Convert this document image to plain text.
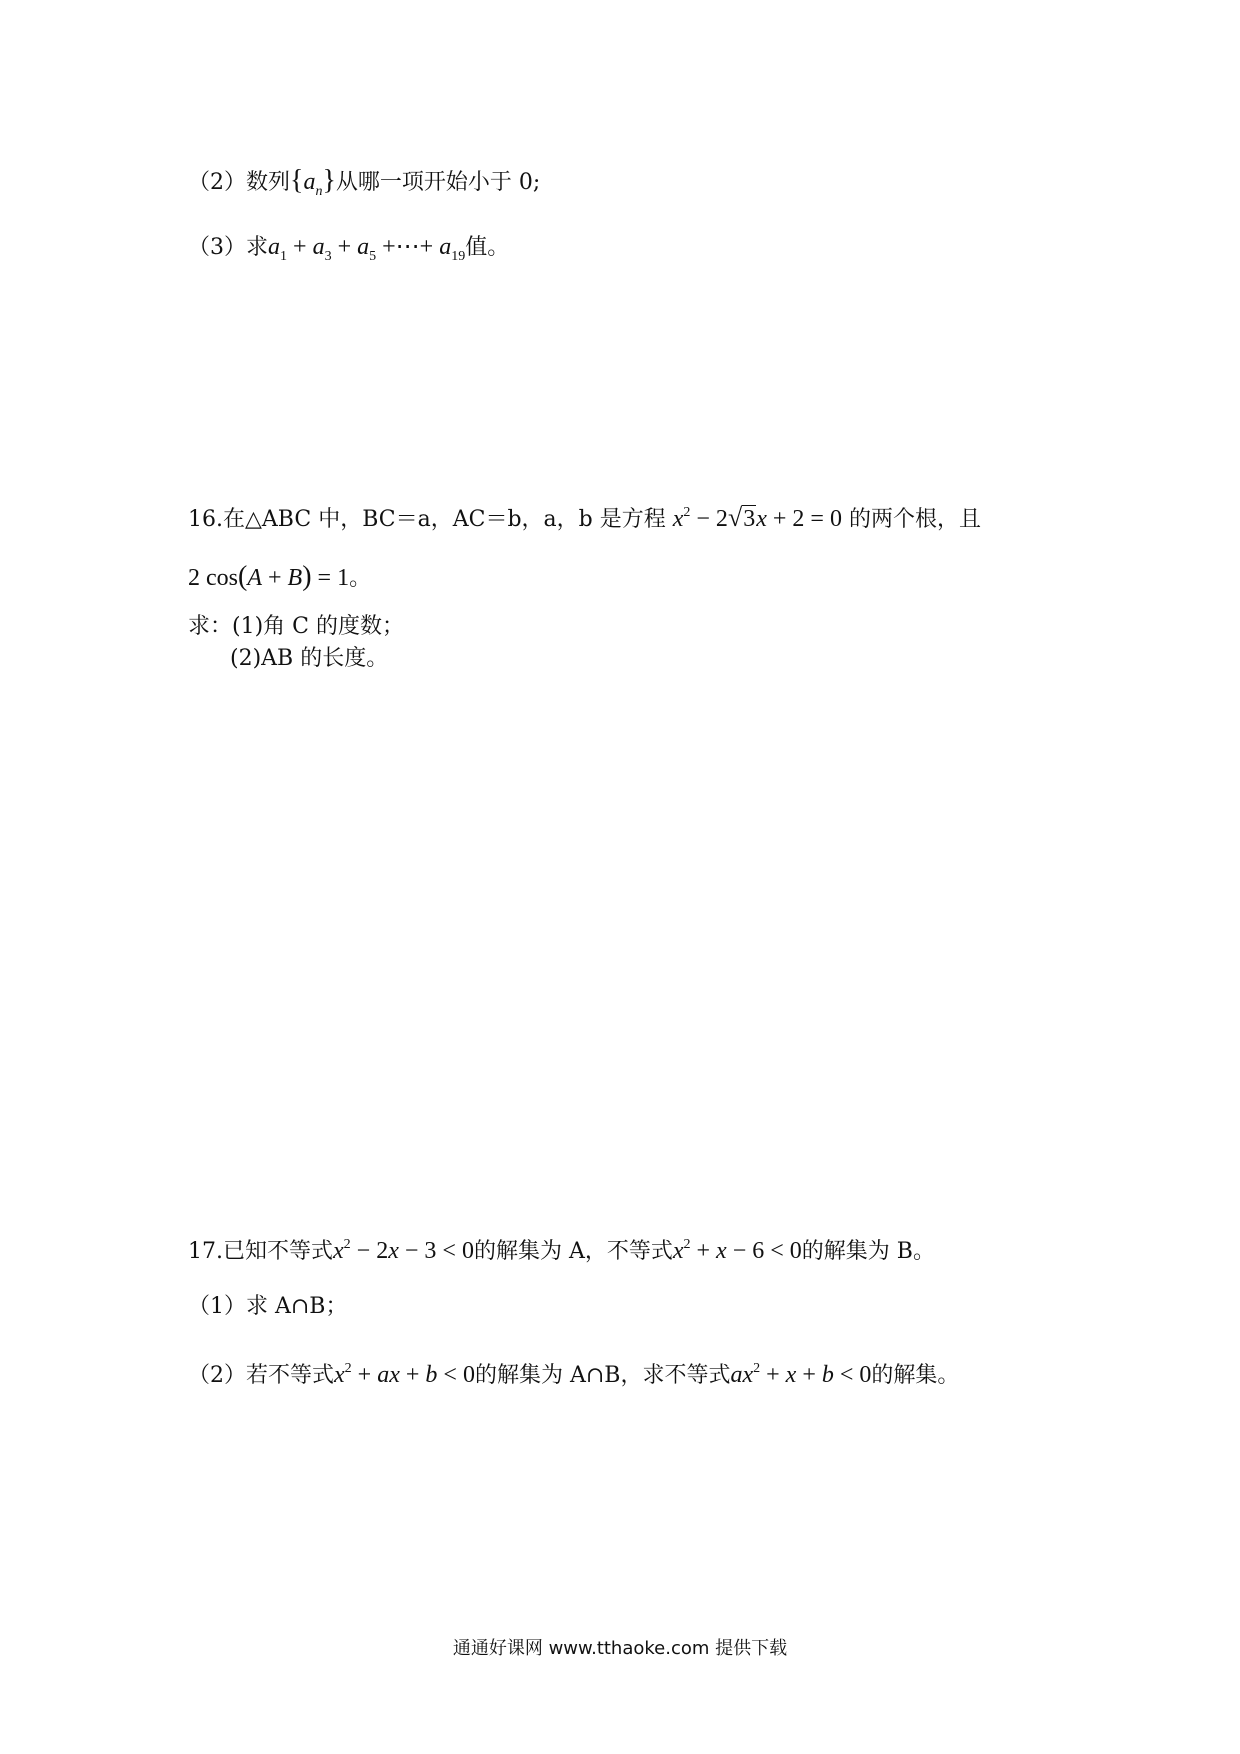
（2）数列$\{a_n\}$从哪一项开始小于 0;
（3）求$a_1 + a_3 + a_5$ +⋯+ $a_{19}$值。
16.在△ABC 中，BC＝a，AC＝b，a，b 是方程 $x^2 - 2√3x + 2 = 0$ 的两个根，且
2 cos(A + B) = 1。
求：(1)角 C 的度数；
(2)AB 的长度。
17.已知不等式$x^2 - 2x - 3 < 0$的解集为 A，不等式$x^2 + x - 6 < 0$的解集为 B。
（1）求 A∩B；
（2）若不等式$x^2$ + ax + b < 0的解集为 A∩B，求不等式$ax^2 + x + b < 0$的解集。
通通好课网 www.tthaoke.com 提供下载
